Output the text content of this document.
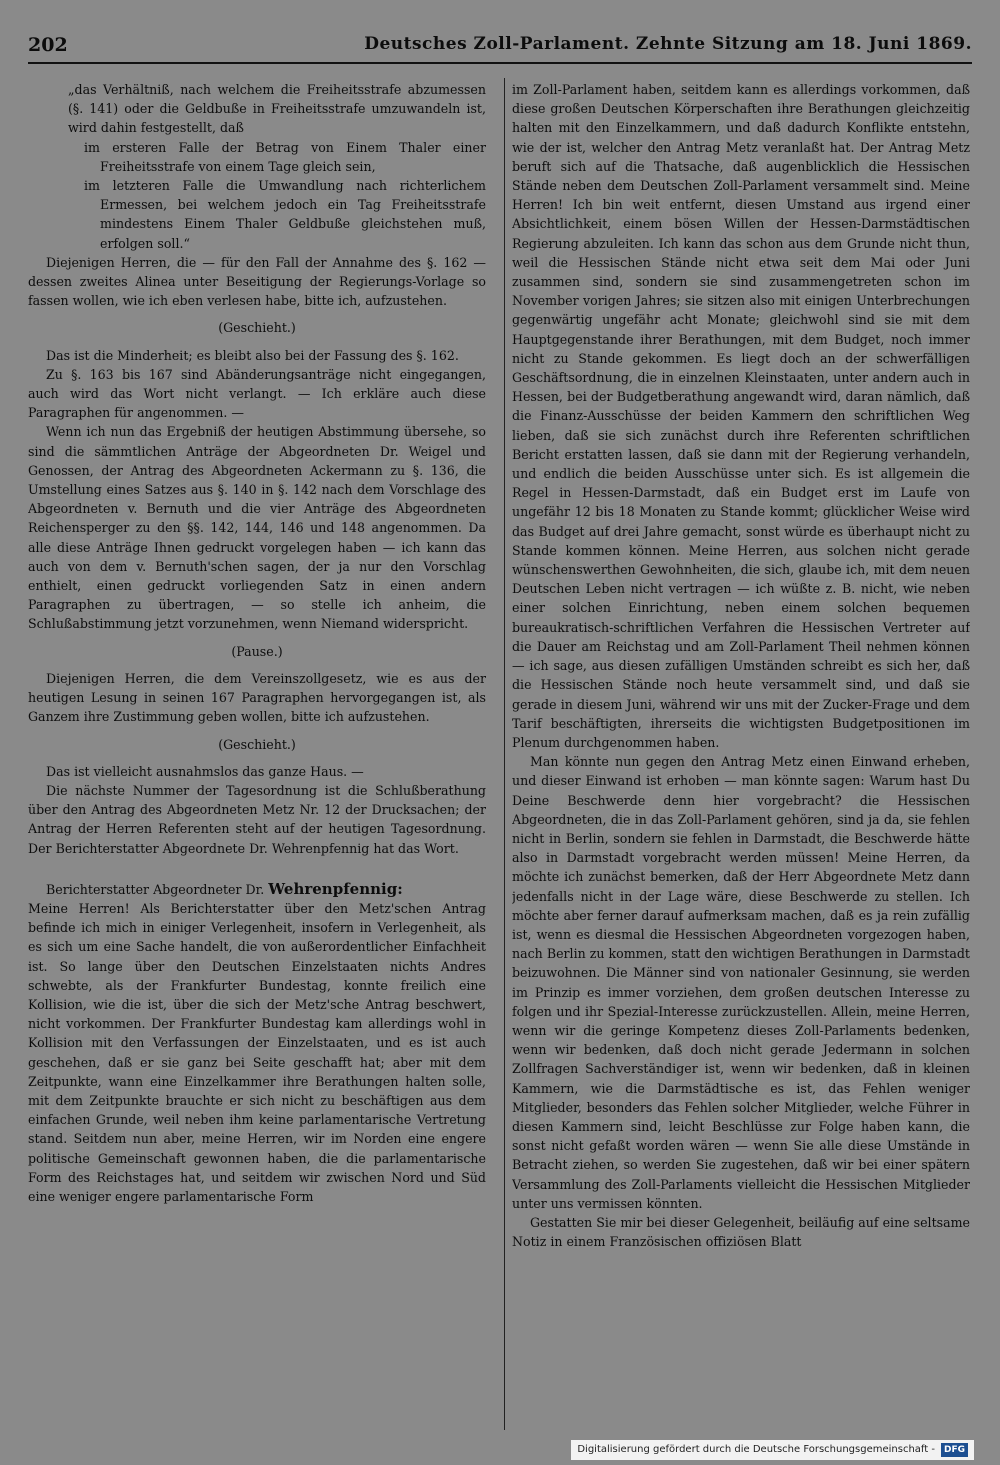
202	Deutsches Zoll-Parlament. Zehnte Sitzung am 18. Juni 1869.

„das Verhältniß, nach welchem die Freiheitsstrafe abzumessen (§. 141) oder die Geldbuße in Freiheitsstrafe umzuwandeln ist, wird dahin festgestellt, daß

im ersteren Falle der Betrag von Einem Thaler einer Freiheitsstrafe von einem Tage gleich sein,

im letzteren Falle die Umwandlung nach richterlichem Ermessen, bei welchem jedoch ein Tag Freiheitsstrafe mindestens Einem Thaler Geldbuße gleichstehen muß, erfolgen soll.“

Diejenigen Herren, die — für den Fall der Annahme des §. 162 — dessen zweites Alinea unter Beseitigung der Regierungs-Vorlage so fassen wollen, wie ich eben verlesen habe, bitte ich, aufzustehen.

(Geschieht.)

Das ist die Minderheit; es bleibt also bei der Fassung des §. 162.

Zu §. 163 bis 167 sind Abänderungsanträge nicht eingegangen, auch wird das Wort nicht verlangt. — Ich erkläre auch diese Paragraphen für angenommen. —

Wenn ich nun das Ergebniß der heutigen Abstimmung übersehe, so sind die sämmtlichen Anträge der Abgeordneten Dr. Weigel und Genossen, der Antrag des Abgeordneten Ackermann zu §. 136, die Umstellung eines Satzes aus §. 140 in §. 142 nach dem Vorschlage des Abgeordneten v. Bernuth und die vier Anträge des Abgeordneten Reichensperger zu den §§. 142, 144, 146 und 148 angenommen. Da alle diese Anträge Ihnen gedruckt vorgelegen haben — ich kann das auch von dem v. Bernuth'schen sagen, der ja nur den Vorschlag enthielt, einen gedruckt vorliegenden Satz in einen andern Paragraphen zu übertragen, — so stelle ich anheim, die Schlußabstimmung jetzt vorzunehmen, wenn Niemand widerspricht.

(Pause.)

Diejenigen Herren, die dem Vereinszollgesetz, wie es aus der heutigen Lesung in seinen 167 Paragraphen hervorgegangen ist, als Ganzem ihre Zustimmung geben wollen, bitte ich aufzustehen.

(Geschieht.)

Das ist vielleicht ausnahmslos das ganze Haus. —

Die nächste Nummer der Tagesordnung ist die Schlußberathung über den Antrag des Abgeordneten Metz Nr. 12 der Drucksachen; der Antrag der Herren Referenten steht auf der heutigen Tagesordnung. Der Berichterstatter Abgeordnete Dr. Wehrenpfennig hat das Wort.

Berichterstatter Abgeordneter Dr. Wehrenpfennig:

Meine Herren! Als Berichterstatter über den Metz'schen Antrag befinde ich mich in einiger Verlegenheit, insofern in Verlegenheit, als es sich um eine Sache handelt, die von außerordentlicher Einfachheit ist. So lange über den Deutschen Einzelstaaten nichts Andres schwebte, als der Frankfurter Bundestag, konnte freilich eine Kollision, wie die ist, über die sich der Metz'sche Antrag beschwert, nicht vorkommen. Der Frankfurter Bundestag kam allerdings wohl in Kollision mit den Verfassungen der Einzelstaaten, und es ist auch geschehen, daß er sie ganz bei Seite geschafft hat; aber mit dem Zeitpunkte, wann eine Einzelkammer ihre Berathungen halten solle, mit dem Zeitpunkte brauchte er sich nicht zu beschäftigen aus dem einfachen Grunde, weil neben ihm keine parlamentarische Vertretung stand. Seitdem nun aber, meine Herren, wir im Norden eine engere politische Gemeinschaft gewonnen haben, die die parlamentarische Form des Reichstages hat, und seitdem wir zwischen Nord und Süd eine weniger engere parlamentarische Form

im Zoll-Parlament haben, seitdem kann es allerdings vorkommen, daß diese großen Deutschen Körperschaften ihre Berathungen gleichzeitig halten mit den Einzelkammern, und daß dadurch Konflikte entstehn, wie der ist, welcher den Antrag Metz veranlaßt hat. Der Antrag Metz beruft sich auf die Thatsache, daß augenblicklich die Hessischen Stände neben dem Deutschen Zoll-Parlament versammelt sind. Meine Herren! Ich bin weit entfernt, diesen Umstand aus irgend einer Absichtlichkeit, einem bösen Willen der Hessen-Darmstädtischen Regierung abzuleiten. Ich kann das schon aus dem Grunde nicht thun, weil die Hessischen Stände nicht etwa seit dem Mai oder Juni zusammen sind, sondern sie sind zusammengetreten schon im November vorigen Jahres; sie sitzen also mit einigen Unterbrechungen gegenwärtig ungefähr acht Monate; gleichwohl sind sie mit dem Hauptgegenstande ihrer Berathungen, mit dem Budget, noch immer nicht zu Stande gekommen. Es liegt doch an der schwerfälligen Geschäftsordnung, die in einzelnen Kleinstaaten, unter andern auch in Hessen, bei der Budgetberathung angewandt wird, daran nämlich, daß die Finanz-Ausschüsse der beiden Kammern den schriftlichen Weg lieben, daß sie sich zunächst durch ihre Referenten schriftlichen Bericht erstatten lassen, daß sie dann mit der Regierung verhandeln, und endlich die beiden Ausschüsse unter sich. Es ist allgemein die Regel in Hessen-Darmstadt, daß ein Budget erst im Laufe von ungefähr 12 bis 18 Monaten zu Stande kommt; glücklicher Weise wird das Budget auf drei Jahre gemacht, sonst würde es überhaupt nicht zu Stande kommen können. Meine Herren, aus solchen nicht gerade wünschenswerthen Gewohnheiten, die sich, glaube ich, mit dem neuen Deutschen Leben nicht vertragen — ich wüßte z. B. nicht, wie neben einer solchen Einrichtung, neben einem solchen bequemen bureaukratisch-schriftlichen Verfahren die Hessischen Vertreter auf die Dauer am Reichstag und am Zoll-Parlament Theil nehmen können — ich sage, aus diesen zufälligen Umständen schreibt es sich her, daß die Hessischen Stände noch heute versammelt sind, und daß sie gerade in diesem Juni, während wir uns mit der Zucker-Frage und dem Tarif beschäftigten, ihrerseits die wichtigsten Budgetpositionen im Plenum durchgenommen haben.

Man könnte nun gegen den Antrag Metz einen Einwand erheben, und dieser Einwand ist erhoben — man könnte sagen: Warum hast Du Deine Beschwerde denn hier vorgebracht? die Hessischen Abgeordneten, die in das Zoll-Parlament gehören, sind ja da, sie fehlen nicht in Berlin, sondern sie fehlen in Darmstadt, die Beschwerde hätte also in Darmstadt vorgebracht werden müssen! Meine Herren, da möchte ich zunächst bemerken, daß der Herr Abgeordnete Metz dann jedenfalls nicht in der Lage wäre, diese Beschwerde zu stellen. Ich möchte aber ferner darauf aufmerksam machen, daß es ja rein zufällig ist, wenn es diesmal die Hessischen Abgeordneten vorgezogen haben, nach Berlin zu kommen, statt den wichtigen Berathungen in Darmstadt beizuwohnen. Die Männer sind von nationaler Gesinnung, sie werden im Prinzip es immer vorziehen, dem großen deutschen Interesse zu folgen und ihr Spezial-Interesse zurückzustellen. Allein, meine Herren, wenn wir die geringe Kompetenz dieses Zoll-Parlaments bedenken, wenn wir bedenken, daß doch nicht gerade Jedermann in solchen Zollfragen Sachverständiger ist, wenn wir bedenken, daß in kleinen Kammern, wie die Darmstädtische es ist, das Fehlen weniger Mitglieder, besonders das Fehlen solcher Mitglieder, welche Führer in diesen Kammern sind, leicht Beschlüsse zur Folge haben kann, die sonst nicht gefaßt worden wären — wenn Sie alle diese Umstände in Betracht ziehen, so werden Sie zugestehen, daß wir bei einer spätern Versammlung des Zoll-Parlaments vielleicht die Hessischen Mitglieder unter uns vermissen könnten.

Gestatten Sie mir bei dieser Gelegenheit, beiläufig auf eine seltsame Notiz in einem Französischen offiziösen Blatt

Digitalisierung gefördert durch die Deutsche Forschungsgemeinschaft -	DFG
